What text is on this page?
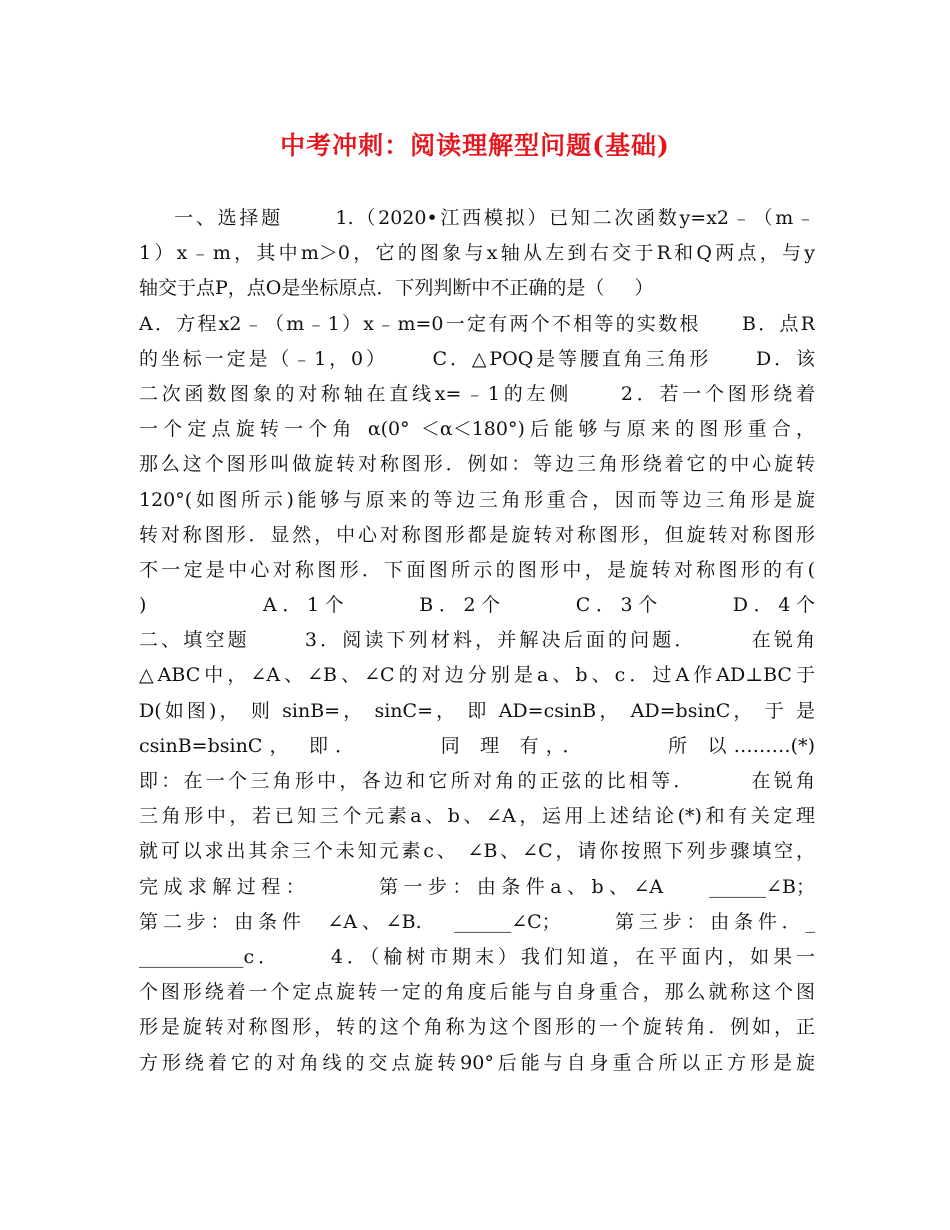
中考冲刺：阅读理解型问题(基础)
一、选择题      1.（2020•江西模拟）已知二次函数y=x2﹣（m﹣
1）x﹣m，其中m＞0，它的图象与x轴从左到右交于R和Q两点，与y
轴交于点P，点O是坐标原点．下列判断中不正确的是（     ）
A．方程x2﹣（m﹣1）x﹣m=0一定有两个不相等的实数根     B．点R
的坐标一定是（﹣1，0）     C．△POQ是等腰直角三角形     D．该
二次函数图象的对称轴在直线x=﹣1的左侧     2．若一个图形绕着
一个定点旋转一个角 α(0° ＜α＜180°)后能够与原来的图形重合，
那么这个图形叫做旋转对称图形．例如：等边三角形绕着它的中心旋转
120°(如图所示)能够与原来的等边三角形重合，因而等边三角形是旋
转对称图形．显然，中心对称图形都是旋转对称图形，但旋转对称图形
不一定是中心对称图形．下面图所示的图形中，是旋转对称图形的有(
)          A．1个      B．2个      C．3个      D．4个
二、填空题      3．阅读下列材料，并解决后面的问题．      在锐角
△ABC中，∠A、∠B、∠C的对边分别是a、b、c．过A作AD⊥BC于
D(如图)， 则 sinB=， sinC=， 即 AD=csinB， AD=bsinC， 于 是
csinB=bsinC， 即．      同 理 有，．      所 以………(*)
即：在一个三角形中，各边和它所对角的正弦的比相等．      在锐角
三角形中，若已知三个元素a、b、∠A，运用上述结论(*)和有关定理
就可以求出其余三个未知元素c、 ∠B、∠C，请你按照下列步骤填空，
完成求解过程：      第一步：由条件a、b、∠A    ______∠B；
第二步：由条件  ∠A、∠B.   ______∠C；     第三步：由条件．_
___________c．     4．（榆树市期末）我们知道，在平面内，如果一
个图形绕着一个定点旋转一定的角度后能与自身重合，那么就称这个图
形是旋转对称图形，转的这个角称为这个图形的一个旋转角．例如，正
方形绕着它的对角线的交点旋转90°后能与自身重合所以正方形是旋
